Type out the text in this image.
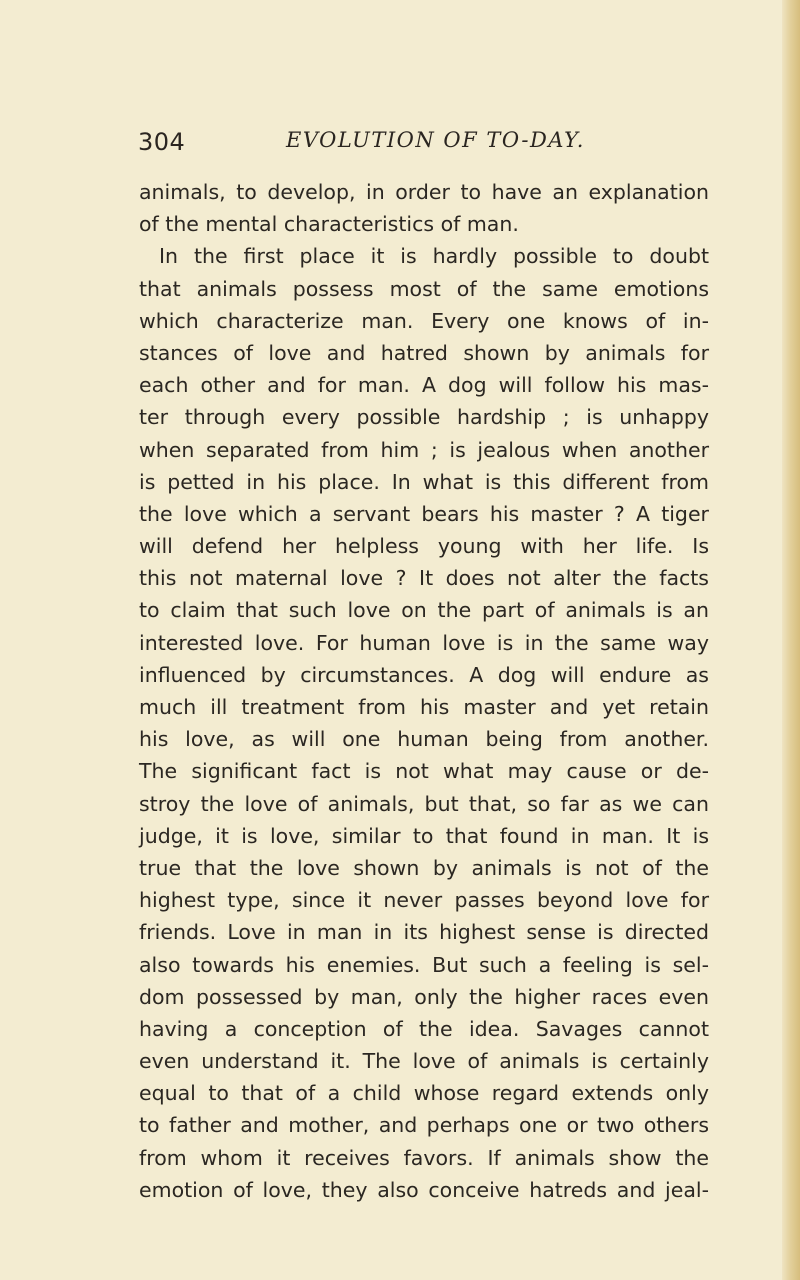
304	EVOLUTION OF TO-DAY.
animals, to develop, in order to have an explanation
of the mental characteristics of man.
In the first place it is hardly possible to doubt
that animals possess most of the same emotions
which characterize man. Every one knows of in-
stances of love and hatred shown by animals for
each other and for man. A dog will follow his mas-
ter through every possible hardship ; is unhappy
when separated from him ; is jealous when another
is petted in his place. In what is this different from
the love which a servant bears his master ? A tiger
will defend her helpless young with her life. Is
this not maternal love ? It does not alter the facts
to claim that such love on the part of animals is an
interested love. For human love is in the same way
influenced by circumstances. A dog will endure as
much ill treatment from his master and yet retain
his love, as will one human being from another.
The significant fact is not what may cause or de-
stroy the love of animals, but that, so far as we can
judge, it is love, similar to that found in man. It is
true that the love shown by animals is not of the
highest type, since it never passes beyond love for
friends. Love in man in its highest sense is directed
also towards his enemies. But such a feeling is sel-
dom possessed by man, only the higher races even
having a conception of the idea. Savages cannot
even understand it. The love of animals is certainly
equal to that of a child whose regard extends only
to father and mother, and perhaps one or two others
from whom it receives favors. If animals show the
emotion of love, they also conceive hatreds and jeal-
